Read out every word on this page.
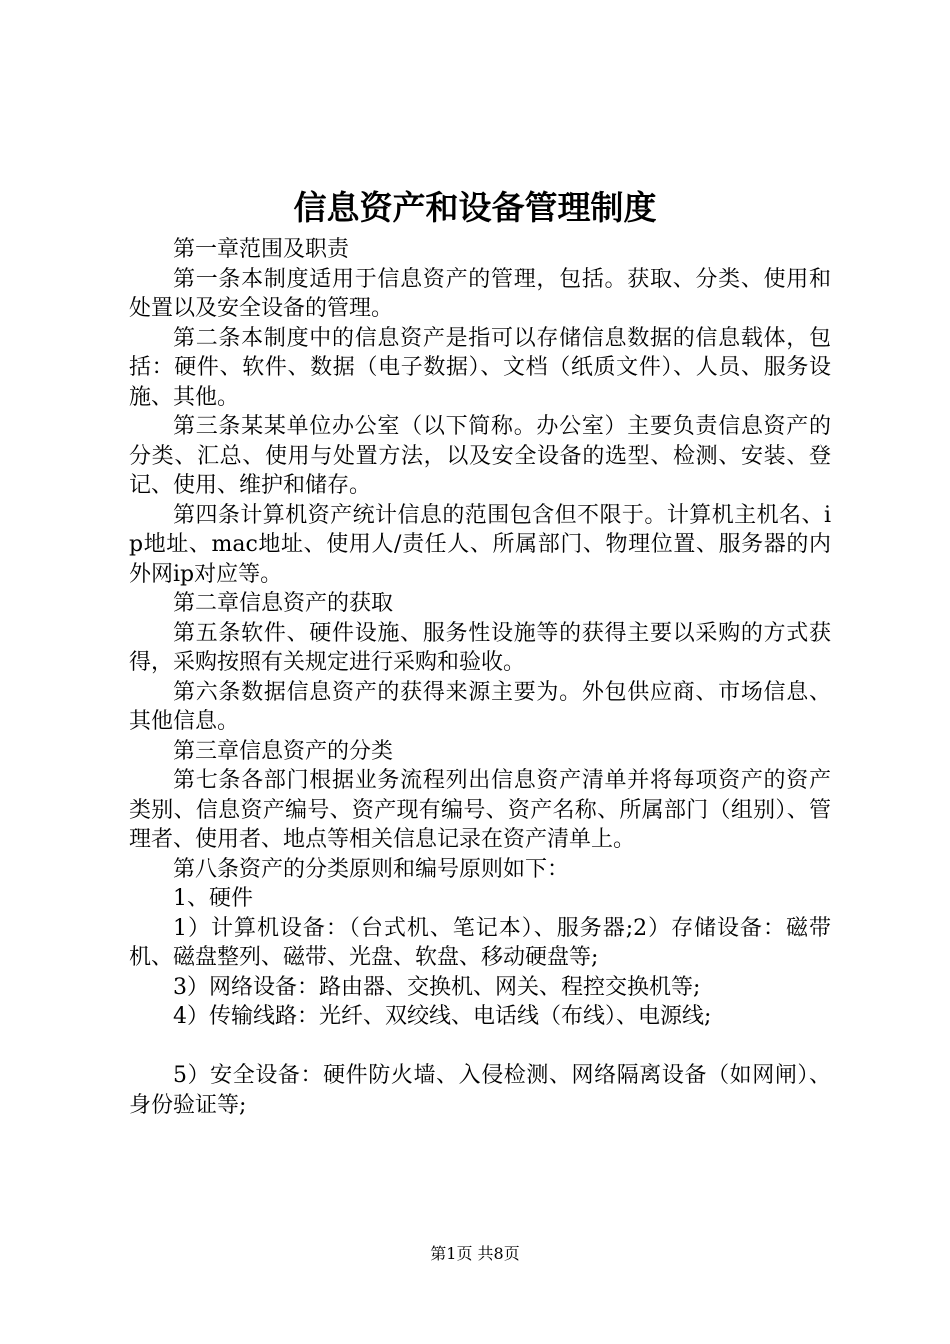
信息资产和设备管理制度

第一章范围及职责

第一条本制度适用于信息资产的管理，包括。获取、分类、使用和处置以及安全设备的管理。

第二条本制度中的信息资产是指可以存储信息数据的信息载体，包括：硬件、软件、数据（电子数据）、文档（纸质文件）、人员、服务设施、其他。

第三条某某单位办公室（以下简称。办公室）主要负责信息资产的分类、汇总、使用与处置方法，以及安全设备的选型、检测、安装、登记、使用、维护和储存。

第四条计算机资产统计信息的范围包含但不限于。计算机主机名、ip地址、mac地址、使用人/责任人、所属部门、物理位置、服务器的内外网ip对应等。

第二章信息资产的获取

第五条软件、硬件设施、服务性设施等的获得主要以采购的方式获得，采购按照有关规定进行采购和验收。

第六条数据信息资产的获得来源主要为。外包供应商、市场信息、其他信息。

第三章信息资产的分类

第七条各部门根据业务流程列出信息资产清单并将每项资产的资产类别、信息资产编号、资产现有编号、资产名称、所属部门（组别）、管理者、使用者、地点等相关信息记录在资产清单上。

第八条资产的分类原则和编号原则如下：

1、硬件

1）计算机设备：（台式机、笔记本）、服务器;2）存储设备：磁带机、磁盘整列、磁带、光盘、软盘、移动硬盘等;

3）网络设备：路由器、交换机、网关、程控交换机等;

4）传输线路：光纤、双绞线、电话线（布线）、电源线;

5）安全设备：硬件防火墙、入侵检测、网络隔离设备（如网闸）、身份验证等;

第1页 共8页
